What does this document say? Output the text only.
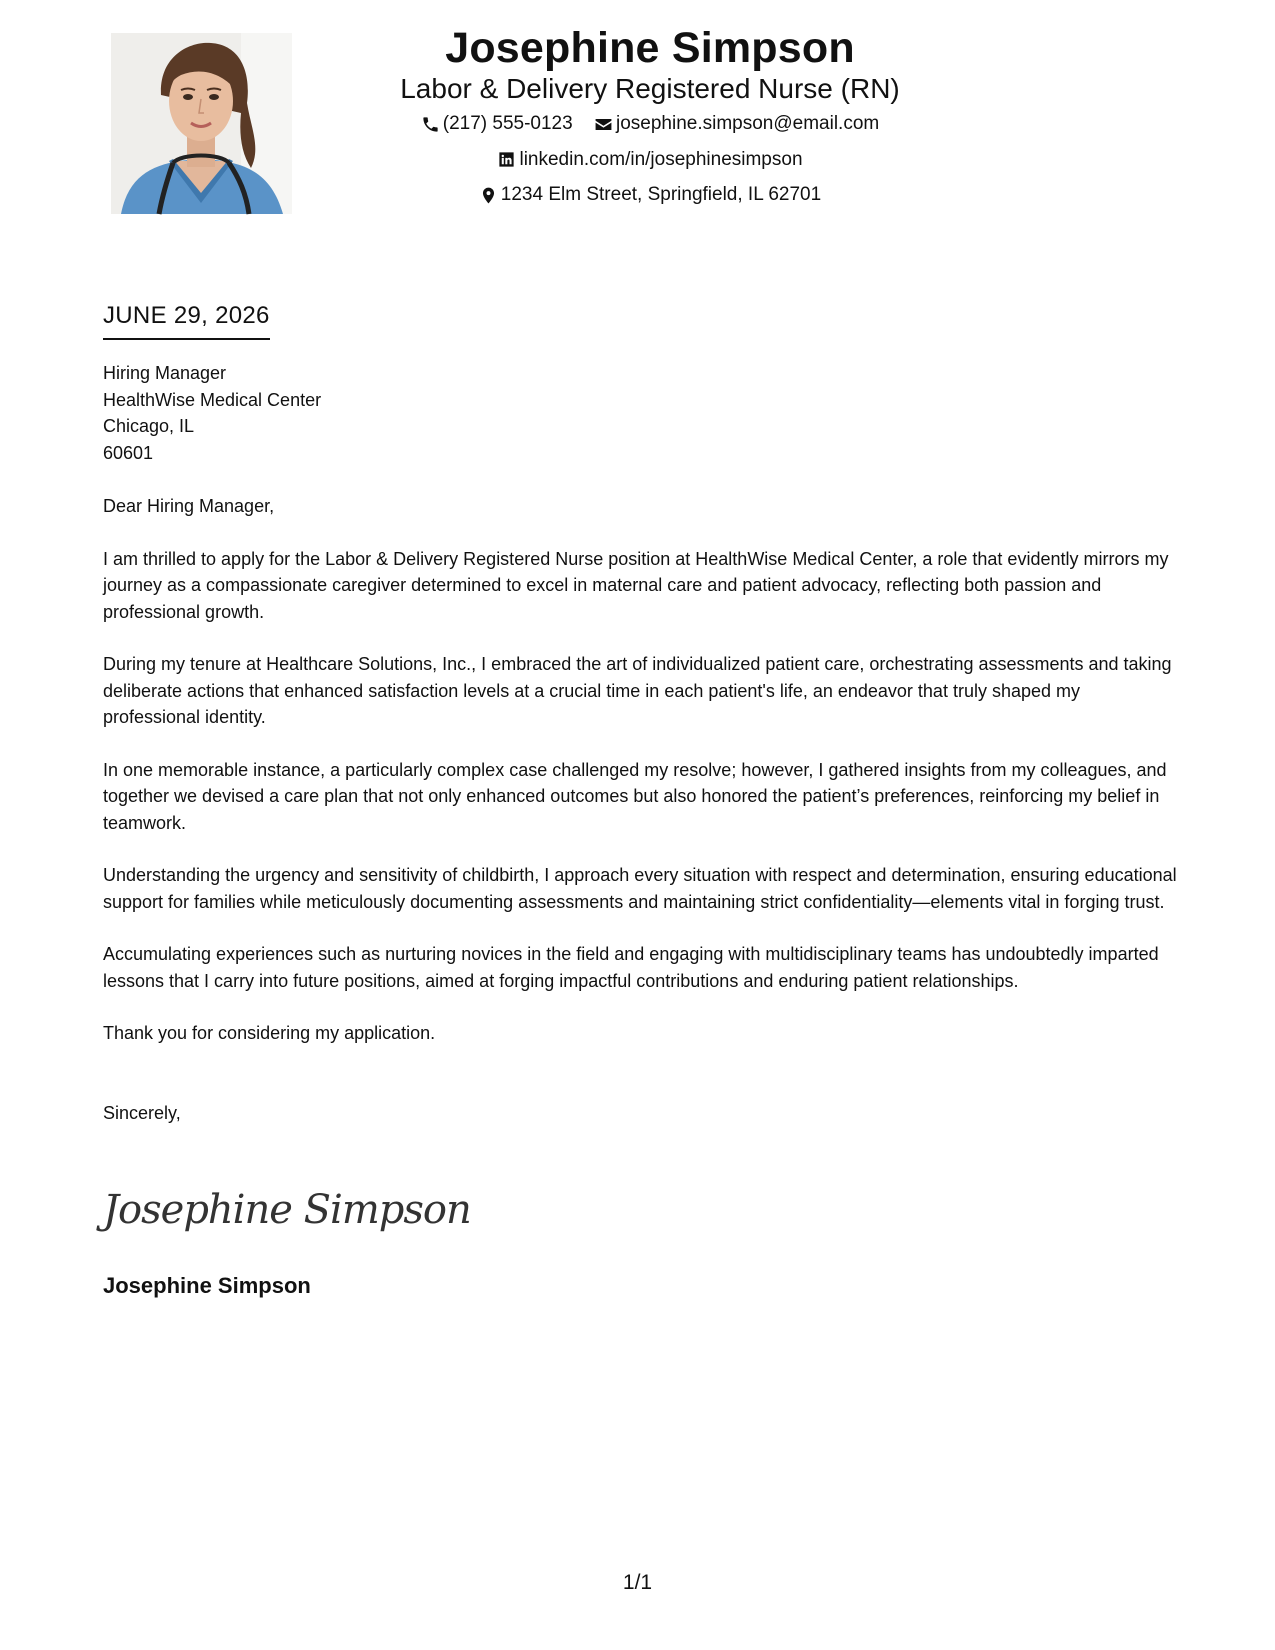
Josephine Simpson
Labor & Delivery Registered Nurse (RN)
(217) 555-0123
josephine.simpson@email.com
linkedin.com/in/josephinesimpson
1234 Elm Street, Springfield, IL 62701
JUNE 29, 2026
Hiring Manager
HealthWise Medical Center
Chicago, IL
60601
Dear Hiring Manager,
I am thrilled to apply for the Labor & Delivery Registered Nurse position at HealthWise Medical Center, a role that evidently mirrors my journey as a compassionate caregiver determined to excel in maternal care and patient advocacy, reflecting both passion and professional growth.
During my tenure at Healthcare Solutions, Inc., I embraced the art of individualized patient care, orchestrating assessments and taking deliberate actions that enhanced satisfaction levels at a crucial time in each patient's life, an endeavor that truly shaped my professional identity.
In one memorable instance, a particularly complex case challenged my resolve; however, I gathered insights from my colleagues, and together we devised a care plan that not only enhanced outcomes but also honored the patient’s preferences, reinforcing my belief in teamwork.
Understanding the urgency and sensitivity of childbirth, I approach every situation with respect and determination, ensuring educational support for families while meticulously documenting assessments and maintaining strict confidentiality—elements vital in forging trust.
Accumulating experiences such as nurturing novices in the field and engaging with multidisciplinary teams has undoubtedly imparted lessons that I carry into future positions, aimed at forging impactful contributions and enduring patient relationships.
Thank you for considering my application.
Sincerely,
Josephine Simpson
Josephine Simpson
1/1
